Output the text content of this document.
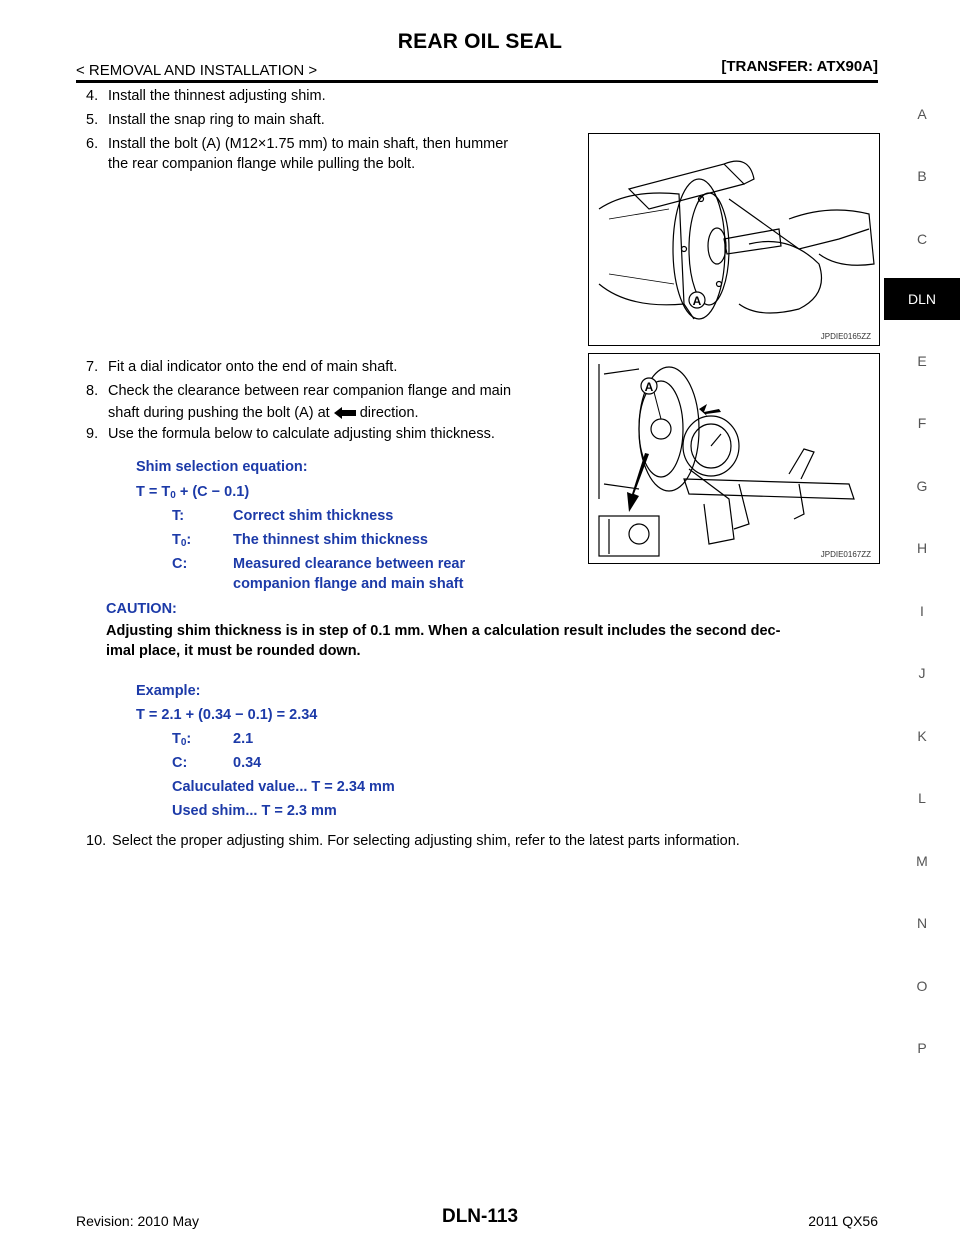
REAR OIL SEAL
< REMOVAL AND INSTALLATION >	[TRANSFER: ATX90A]
A
B
C
DLN
E
F
G
H
I
J
K
L
M
N
O
P
4. Install the thinnest adjusting shim.
5. Install the snap ring to main shaft.
6. Install the bolt (A) (M12×1.75 mm) to main shaft, then hummer
the rear companion flange while pulling the bolt.
A
JPDIE0165ZZ
7. Fit a dial indicator onto the end of main shaft.
8. Check the clearance between rear companion flange and main
shaft during pushing the bolt (A) at direction.
9. Use the formula below to calculate adjusting shim thickness.
A
JPDIE0167ZZ
Shim selection equation:
$T = T_0 + (C - 0.1)$
T:	Correct shim thickness
$T_0$:	The thinnest shim thickness
C:	Measured clearance between rear
companion flange and main shaft
CAUTION:
Adjusting shim thickness is in step of 0.1 mm. When a calculation result includes the second dec-
imal place, it must be rounded down.
Example:
T = 2.1 + (0.34 − 0.1) = 2.34
$T_0$:	2.1
C:	0.34
Caluculated value... T = 2.34 mm
Used shim... T = 2.3 mm
10. Select the proper adjusting shim. For selecting adjusting shim, refer to the latest parts information.
Revision: 2010 May	DLN-113	2011 QX56
